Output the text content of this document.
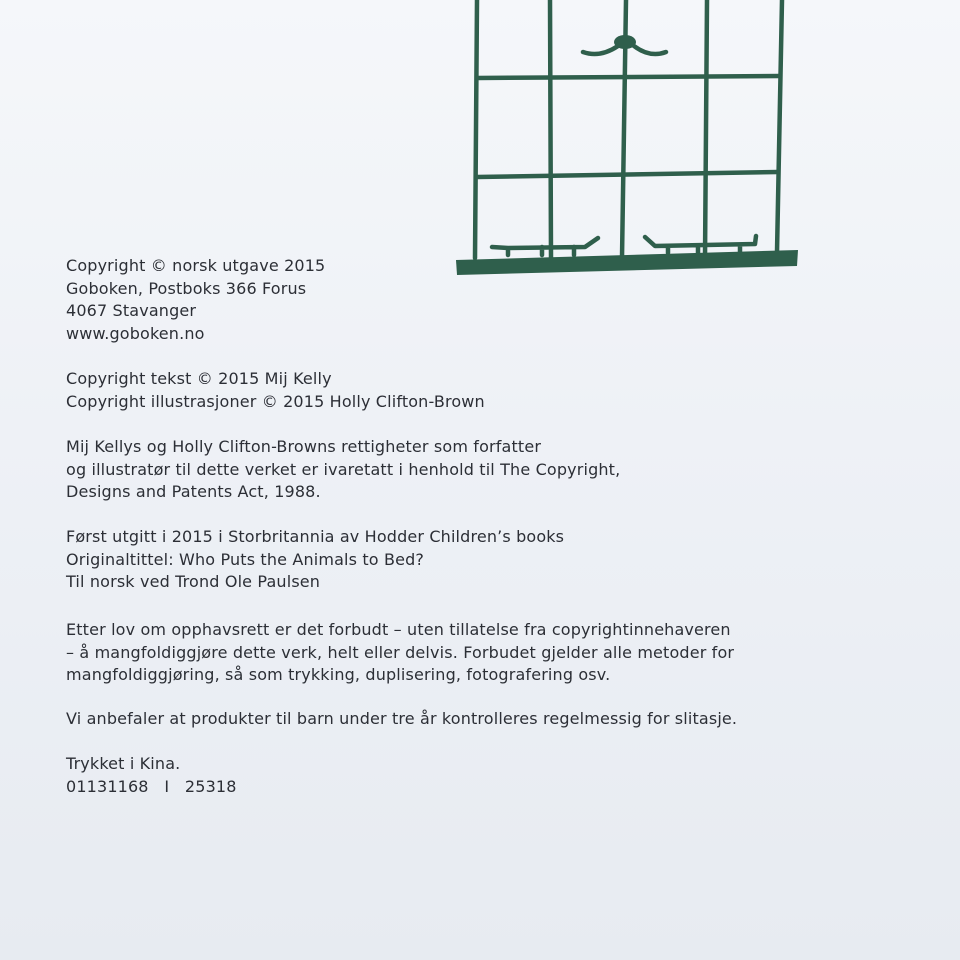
Copyright © norsk utgave 2015
Goboken, Postboks 366 Forus
4067 Stavanger
www.goboken.no
Copyright tekst © 2015 Mij Kelly
Copyright illustrasjoner © 2015 Holly Clifton-Brown
Mij Kellys og Holly Clifton-Browns rettigheter som forfatter
og illustratør til dette verket er ivaretatt i henhold til The Copyright,
Designs and Patents Act, 1988.
Først utgitt i 2015 i Storbritannia av Hodder Children’s books
Originaltittel: Who Puts the Animals to Bed?
Til norsk ved Trond Ole Paulsen
Etter lov om opphavsrett er det forbudt – uten tillatelse fra copyrightinnehaveren
– å mangfoldiggjøre dette verk, helt eller delvis. Forbudet gjelder alle metoder for
mangfoldiggjøring, så som trykking, duplisering, fotografering osv.
Vi anbefaler at produkter til barn under tre år kontrolleres regelmessig for slitasje.
Trykket i Kina.
01131168   I   25318
